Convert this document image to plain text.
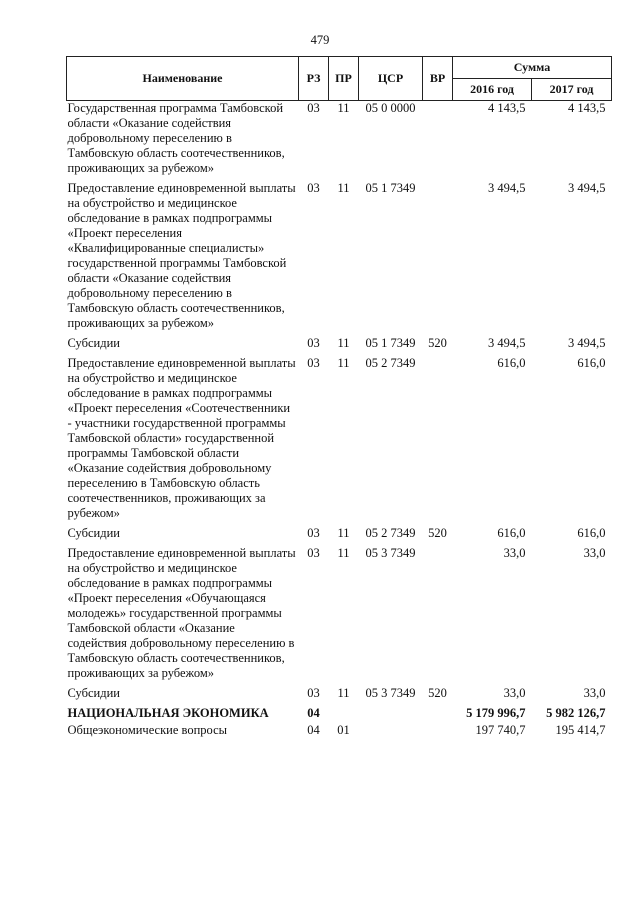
479
Наименование	РЗ	ПР	ЦСР	ВР	Сумма	
					2016 год	2017 год
Государственная программа Тамбовской области «Оказание содействия добровольному переселению в Тамбовскую область соотечественников, проживающих за рубежом»	03	11	05 0 0000		4 143,5	4 143,5
Предоставление единовременной выплаты на обустройство и медицинское обследование в рамках подпрограммы «Проект переселения «Квалифицированные специалисты» государственной программы Тамбовской области «Оказание содействия добровольному переселению в Тамбовскую область соотечественников, проживающих за рубежом»	03	11	05 1 7349		3 494,5	3 494,5
Субсидии	03	11	05 1 7349	520	3 494,5	3 494,5
Предоставление единовременной выплаты на обустройство и медицинское обследование в рамках подпрограммы «Проект переселения «Соотечественники - участники государственной программы Тамбовской области» государственной программы Тамбовской области «Оказание содействия добровольному переселению в Тамбовскую область соотечественников, проживающих за рубежом»	03	11	05 2 7349		616,0	616,0
Субсидии	03	11	05 2 7349	520	616,0	616,0
Предоставление единовременной выплаты на обустройство и медицинское обследование в рамках подпрограммы «Проект переселения «Обучающаяся молодежь» государственной программы Тамбовской области «Оказание содействия добровольному переселению в Тамбовскую область соотечественников, проживающих за рубежом»	03	11	05 3 7349		33,0	33,0
Субсидии	03	11	05 3 7349	520	33,0	33,0
НАЦИОНАЛЬНАЯ ЭКОНОМИКА	04				5 179 996,7	5 982 126,7
Общеэкономические вопросы	04	01			197 740,7	195 414,7
